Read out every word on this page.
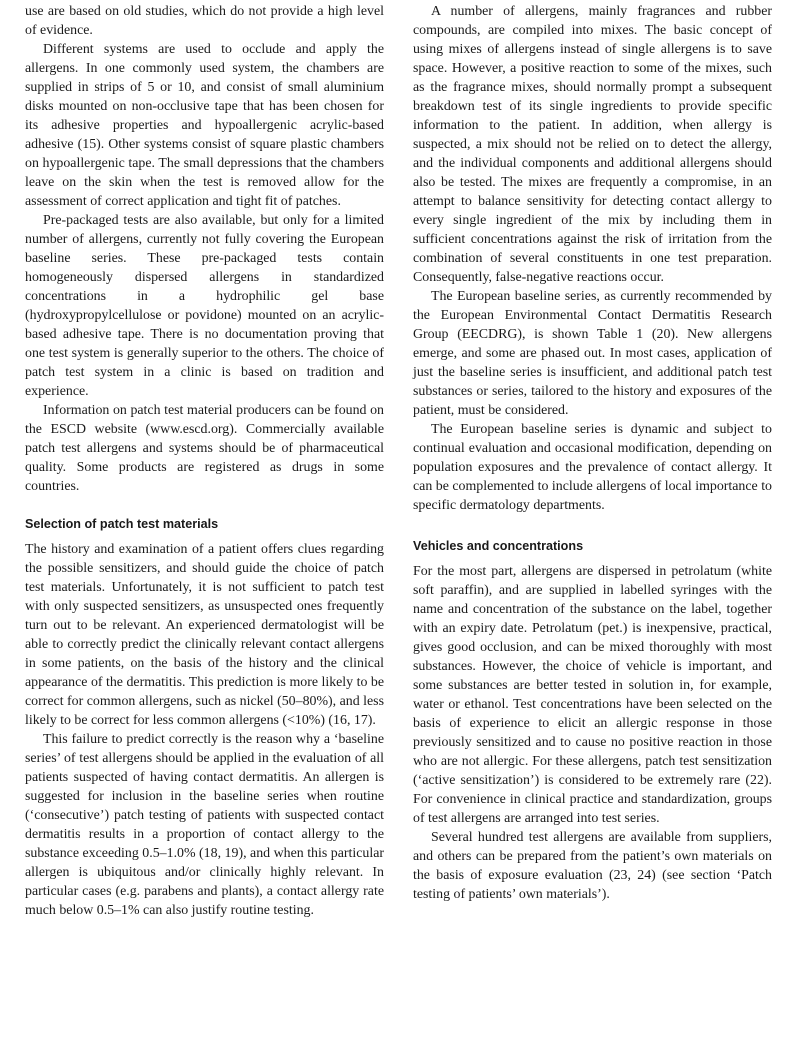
use are based on old studies, which do not provide a high level of evidence.

Different systems are used to occlude and apply the allergens. In one commonly used system, the chambers are supplied in strips of 5 or 10, and consist of small aluminium disks mounted on non-occlusive tape that has been chosen for its adhesive properties and hypoallergenic acrylic-based adhesive (15). Other systems consist of square plastic chambers on hypoallergenic tape. The small depressions that the chambers leave on the skin when the test is removed allow for the assessment of correct application and tight fit of patches.

Pre-packaged tests are also available, but only for a limited number of allergens, currently not fully covering the European baseline series. These pre-packaged tests contain homogeneously dispersed allergens in standardized concentrations in a hydrophilic gel base (hydroxypropylcellulose or povidone) mounted on an acrylic-based adhesive tape. There is no documentation proving that one test system is generally superior to the others. The choice of patch test system in a clinic is based on tradition and experience.

Information on patch test material producers can be found on the ESCD website (www.escd.org). Commercially available patch test allergens and systems should be of pharmaceutical quality. Some products are registered as drugs in some countries.

Selection of patch test materials

The history and examination of a patient offers clues regarding the possible sensitizers, and should guide the choice of patch test materials. Unfortunately, it is not sufficient to patch test with only suspected sensitizers, as unsuspected ones frequently turn out to be relevant. An experienced dermatologist will be able to correctly predict the clinically relevant contact allergens in some patients, on the basis of the history and the clinical appearance of the dermatitis. This prediction is more likely to be correct for common allergens, such as nickel (50–80%), and less likely to be correct for less common allergens (<10%) (16, 17).

This failure to predict correctly is the reason why a ‘baseline series’ of test allergens should be applied in the evaluation of all patients suspected of having contact dermatitis. An allergen is suggested for inclusion in the baseline series when routine (‘consecutive’) patch testing of patients with suspected contact dermatitis results in a proportion of contact allergy to the substance exceeding 0.5–1.0% (18, 19), and when this particular allergen is ubiquitous and/or clinically highly relevant. In particular cases (e.g. parabens and plants), a contact allergy rate much below 0.5–1% can also justify routine testing.

A number of allergens, mainly fragrances and rubber compounds, are compiled into mixes. The basic concept of using mixes of allergens instead of single allergens is to save space. However, a positive reaction to some of the mixes, such as the fragrance mixes, should normally prompt a subsequent breakdown test of its single ingredients to provide specific information to the patient. In addition, when allergy is suspected, a mix should not be relied on to detect the allergy, and the individual components and additional allergens should also be tested. The mixes are frequently a compromise, in an attempt to balance sensitivity for detecting contact allergy to every single ingredient of the mix by including them in sufficient concentrations against the risk of irritation from the combination of several constituents in one test preparation. Consequently, false-negative reactions occur.

The European baseline series, as currently recommended by the European Environmental Contact Dermatitis Research Group (EECDRG), is shown Table 1 (20). New allergens emerge, and some are phased out. In most cases, application of just the baseline series is insufficient, and additional patch test substances or series, tailored to the history and exposures of the patient, must be considered.

The European baseline series is dynamic and subject to continual evaluation and occasional modification, depending on population exposures and the prevalence of contact allergy. It can be complemented to include allergens of local importance to specific dermatology departments.

Vehicles and concentrations

For the most part, allergens are dispersed in petrolatum (white soft paraffin), and are supplied in labelled syringes with the name and concentration of the substance on the label, together with an expiry date. Petrolatum (pet.) is inexpensive, practical, gives good occlusion, and can be mixed thoroughly with most substances. However, the choice of vehicle is important, and some substances are better tested in solution in, for example, water or ethanol. Test concentrations have been selected on the basis of experience to elicit an allergic response in those previously sensitized and to cause no positive reaction in those who are not allergic. For these allergens, patch test sensitization (‘active sensitization’) is considered to be extremely rare (22). For convenience in clinical practice and standardization, groups of test allergens are arranged into test series.

Several hundred test allergens are available from suppliers, and others can be prepared from the patient’s own materials on the basis of exposure evaluation (23, 24) (see section ‘Patch testing of patients’ own materials’).
